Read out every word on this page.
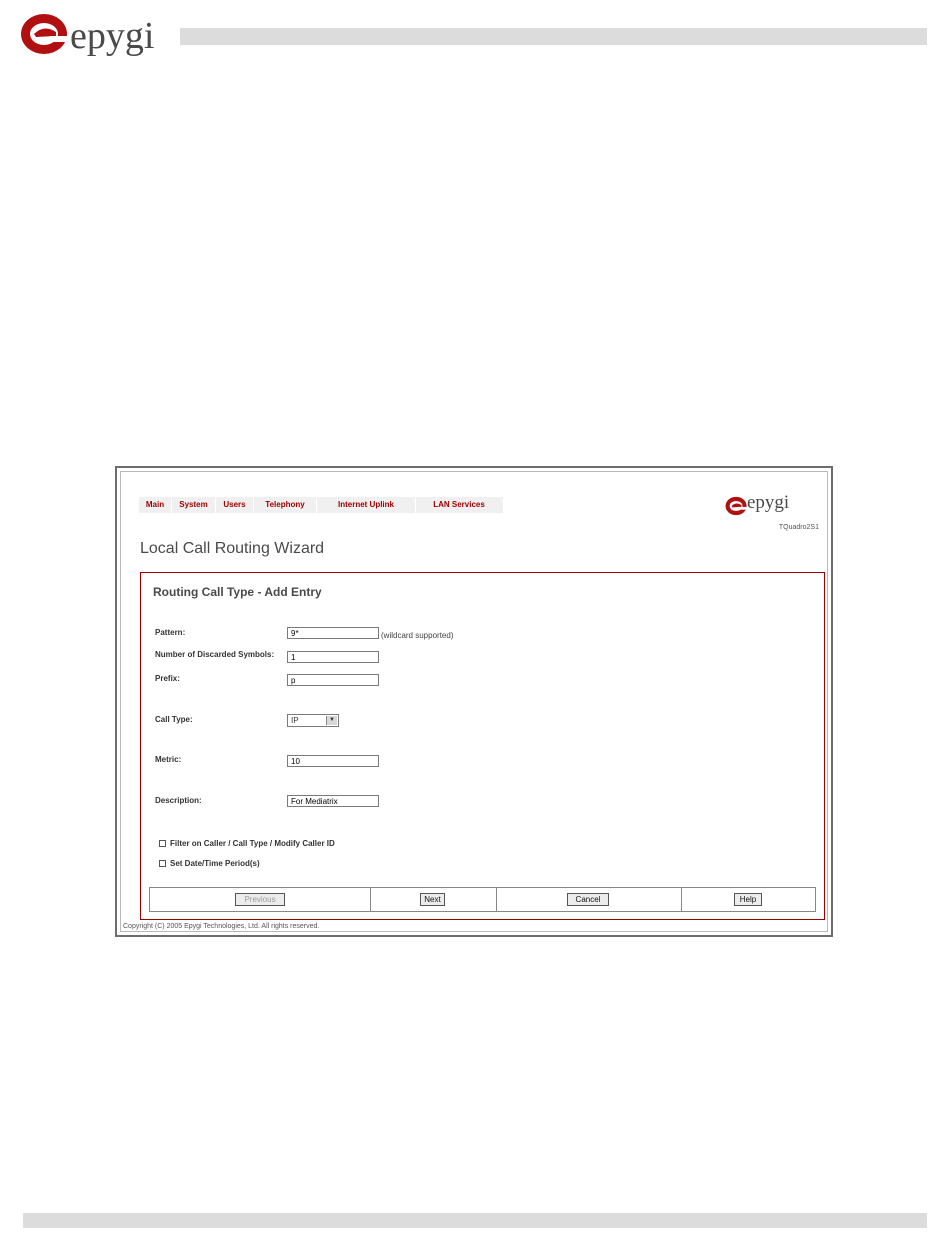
epygi
Main	System	Users	Telephony	Internet Uplink	LAN Services	epygi
TQuadro2S1
Local Call Routing Wizard
Routing Call Type - Add Entry
Pattern:
9*	(wildcard supported)
Number of Discarded Symbols:
1
Prefix:
p
Call Type:	IP	▼
Metric:
10
Description:
For Mediatrix
Filter on Caller / Call Type / Modify Caller ID
Set Date/Time Period(s)
Previous	Next	Cancel	Help
Copyright (C) 2005 Epygi Technologies, Ltd. All rights reserved.
